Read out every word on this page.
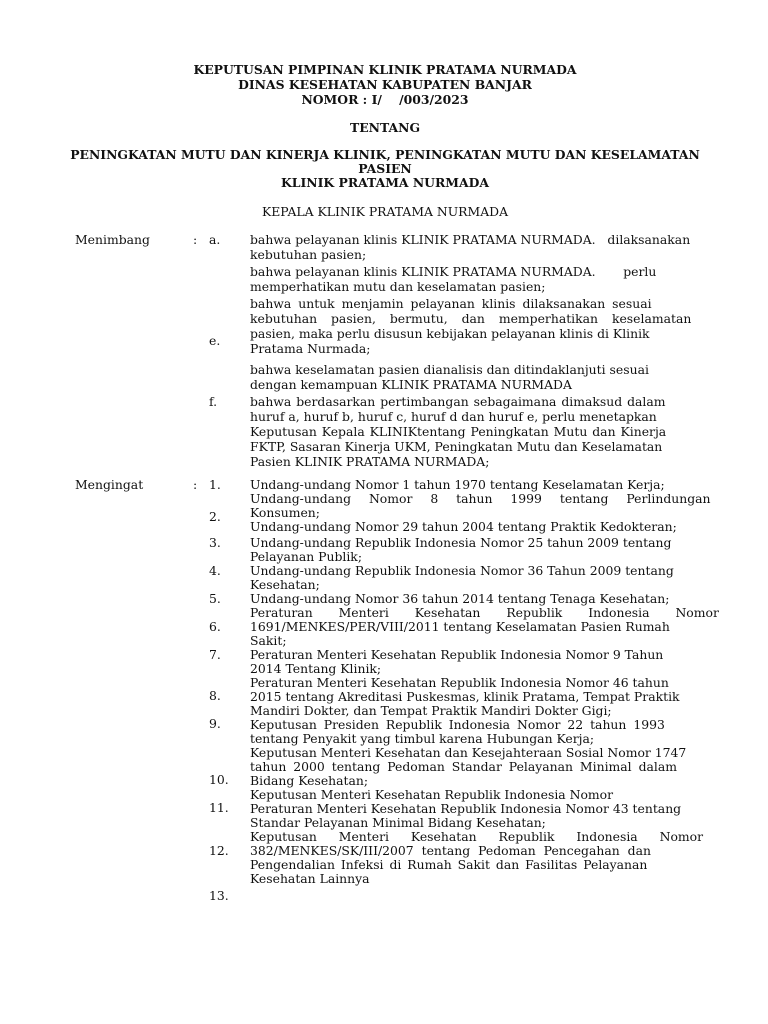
KEPUTUSAN PIMPINAN KLINIK PRATAMA NURMADA
DINAS KESEHATAN KABUPATEN BANJAR
NOMOR : I/    /003/2023
TENTANG
PENINGKATAN MUTU DAN KINERJA KLINIK, PENINGKATAN MUTU DAN KESELAMATAN
PASIEN
KLINIK PRATAMA NURMADA
KEPALA KLINIK PRATAMA NURMADA
Menimbang	: a.
e.
f.
bahwa pelayanan klinis KLINIK PRATAMA NURMADA.   dilaksanakan
kebutuhan pasien;
bahwa pelayanan klinis KLINIK PRATAMA NURMADA.       perlu
memperhatikan mutu dan keselamatan pasien;
bahwa untuk menjamin pelayanan klinis dilaksanakan sesuai
kebutuhan pasien, bermutu, dan memperhatikan keselamatan
pasien, maka perlu disusun kebijakan pelayanan klinis di Klinik
Pratama Nurmada;
bahwa keselamatan pasien dianalisis dan ditindaklanjuti sesuai
dengan kemampuan KLINIK PRATAMA NURMADA
bahwa berdasarkan pertimbangan sebagaimana dimaksud dalam
huruf a, huruf b, huruf c, huruf d dan huruf e, perlu menetapkan
Keputusan Kepala KLINIKtentang Peningkatan Mutu dan Kinerja
FKTP, Sasaran Kinerja UKM, Peningkatan Mutu dan Keselamatan
Pasien KLINIK PRATAMA NURMADA;
Mengingat	: 1.
2.
3.
4.
5.
6.
7.
8.
9.
10.
11.
12.
13.
Undang-undang Nomor 1 tahun 1970 tentang Keselamatan Kerja;
Undang-undang Nomor 8 tahun 1999 tentang Perlindungan
Konsumen;
Undang-undang Nomor 29 tahun 2004 tentang Praktik Kedokteran;
Undang-undang Republik Indonesia Nomor 25 tahun 2009 tentang
Pelayanan Publik;
Undang-undang Republik Indonesia Nomor 36 Tahun 2009 tentang
Kesehatan;
Undang-undang Nomor 36 tahun 2014 tentang Tenaga Kesehatan;
Peraturan Menteri Kesehatan Republik Indonesia Nomor
1691/MENKES/PER/VIII/2011 tentang Keselamatan Pasien Rumah
Sakit;
Peraturan Menteri Kesehatan Republik Indonesia Nomor 9 Tahun
2014 Tentang Klinik;
Peraturan Menteri Kesehatan Republik Indonesia Nomor 46 tahun
2015 tentang Akreditasi Puskesmas, klinik Pratama, Tempat Praktik
Mandiri Dokter, dan Tempat Praktik Mandiri Dokter Gigi;
Keputusan Presiden Republik Indonesia Nomor 22 tahun 1993
tentang Penyakit yang timbul karena Hubungan Kerja;
Keputusan Menteri Kesehatan dan Kesejahteraan Sosial Nomor 1747
tahun 2000 tentang Pedoman Standar Pelayanan Minimal dalam
Bidang Kesehatan;
Keputusan Menteri Kesehatan Republik Indonesia Nomor
Peraturan Menteri Kesehatan Republik Indonesia Nomor 43 tentang
Standar Pelayanan Minimal Bidang Kesehatan;
Keputusan Menteri Kesehatan Republik Indonesia Nomor
382/MENKES/SK/III/2007 tentang Pedoman Pencegahan dan
Pengendalian Infeksi di Rumah Sakit dan Fasilitas Pelayanan
Kesehatan Lainnya
